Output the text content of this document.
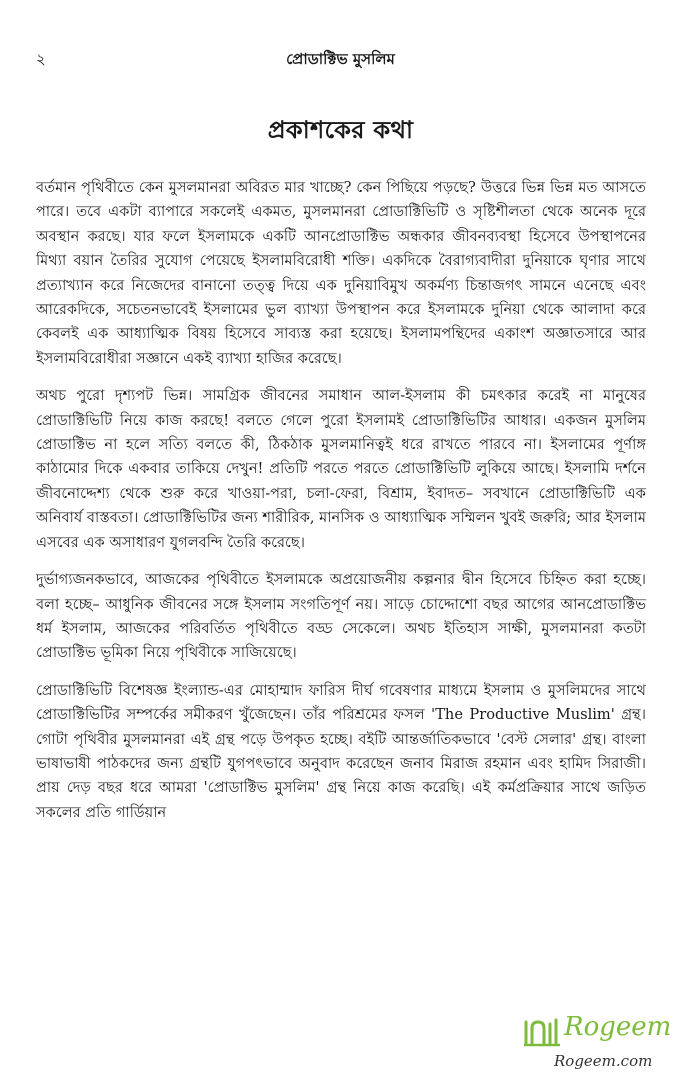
২	প্রোডাক্টিভ মুসলিম
প্রকাশকের কথা

বর্তমান পৃথিবীতে কেন মুসলমানরা অবিরত মার খাচ্ছে? কেন পিছিয়ে পড়ছে? উত্তরে ভিন্ন ভিন্ন মত আসতে পারে। তবে একটা ব্যাপারে সকলেই একমত, মুসলমানরা প্রোডাক্টিভিটি ও সৃষ্টিশীলতা থেকে অনেক দূরে অবস্থান করছে। যার ফলে ইসলামকে একটি আনপ্রোডাক্টিভ অন্ধকার জীবনব্যবস্থা হিসেবে উপস্থাপনের মিথ্যা বয়ান তৈরির সুযোগ পেয়েছে ইসলামবিরোধী শক্তি। একদিকে বৈরাগ্যবাদীরা দুনিয়াকে ঘৃণার সাথে প্রত্যাখ্যান করে নিজেদের বানানো তত্ত্ব দিয়ে এক দুনিয়াবিমুখ অকর্মণ্য চিন্তাজগৎ সামনে এনেছে এবং আরেকদিকে, সচেতনভাবেই ইসলামের ভুল ব্যাখ্যা উপস্থাপন করে ইসলামকে দুনিয়া থেকে আলাদা করে কেবলই এক আধ্যাত্মিক বিষয় হিসেবে সাব্যস্ত করা হয়েছে। ইসলামপন্থিদের একাংশ অজ্ঞাতসারে আর ইসলামবিরোধীরা সজ্ঞানে একই ব্যাখ্যা হাজির করেছে।

অথচ পুরো দৃশ্যপট ভিন্ন। সামগ্রিক জীবনের সমাধান আল-ইসলাম কী চমৎকার করেই না মানুষের প্রোডাক্টিভিটি নিয়ে কাজ করছে! বলতে গেলে পুরো ইসলামই প্রোডাক্টিভিটির আধার। একজন মুসলিম প্রোডাক্টিভ না হলে সত্যি বলতে কী, ঠিকঠাক মুসলমানিত্বই ধরে রাখতে পারবে না। ইসলামের পূর্ণাঙ্গ কাঠামোর দিকে একবার তাকিয়ে দেখুন! প্রতিটি পরতে পরতে প্রোডাক্টিভিটি লুকিয়ে আছে। ইসলামি দর্শনে জীবনোদ্দেশ্য থেকে শুরু করে খাওয়া-পরা, চলা-ফেরা, বিশ্রাম, ইবাদত– সবখানে প্রোডাক্টিভিটি এক অনিবার্য বাস্তবতা। প্রোডাক্টিভিটির জন্য শারীরিক, মানসিক ও আধ্যাত্মিক সম্মিলন খুবই জরুরি; আর ইসলাম এসবের এক অসাধারণ যুগলবন্দি তৈরি করেছে।

দুর্ভাগ্যজনকভাবে, আজকের পৃথিবীতে ইসলামকে অপ্রয়োজনীয় কল্পনার দ্বীন হিসেবে চিহ্নিত করা হচ্ছে। বলা হচ্ছে– আধুনিক জীবনের সঙ্গে ইসলাম সংগতিপূর্ণ নয়। সাড়ে চোদ্দোশো বছর আগের আনপ্রোডাক্টিভ ধর্ম ইসলাম, আজকের পরিবর্তিত পৃথিবীতে বড্ড সেকেলে। অথচ ইতিহাস সাক্ষী, মুসলমানরা কতটা প্রোডাক্টিভ ভূমিকা নিয়ে পৃথিবীকে সাজিয়েছে।

প্রোডাক্টিভিটি বিশেষজ্ঞ ইংল্যান্ড-এর মোহাম্মাদ ফারিস দীর্ঘ গবেষণার মাধ্যমে ইসলাম ও মুসলিমদের সাথে প্রোডাক্টিভিটির সম্পর্কের সমীকরণ খুঁজেছেন। তাঁর পরিশ্রমের ফসল 'The Productive Muslim' গ্রন্থ। গোটা পৃথিবীর মুসলমানরা এই গ্রন্থ পড়ে উপকৃত হচ্ছে। বইটি আন্তর্জাতিকভাবে 'বেস্ট সেলার' গ্রন্থ। বাংলা ভাষাভাষী পাঠকদের জন্য গ্রন্থটি যুগপৎভাবে অনুবাদ করেছেন জনাব মিরাজ রহমান এবং হামিদ সিরাজী। প্রায় দেড় বছর ধরে আমরা 'প্রোডাক্টিভ মুসলিম' গ্রন্থ নিয়ে কাজ করেছি। এই কর্মপ্রক্রিয়ার সাথে জড়িত সকলের প্রতি গার্ডিয়ান

Rogeem
Rogeem.com
